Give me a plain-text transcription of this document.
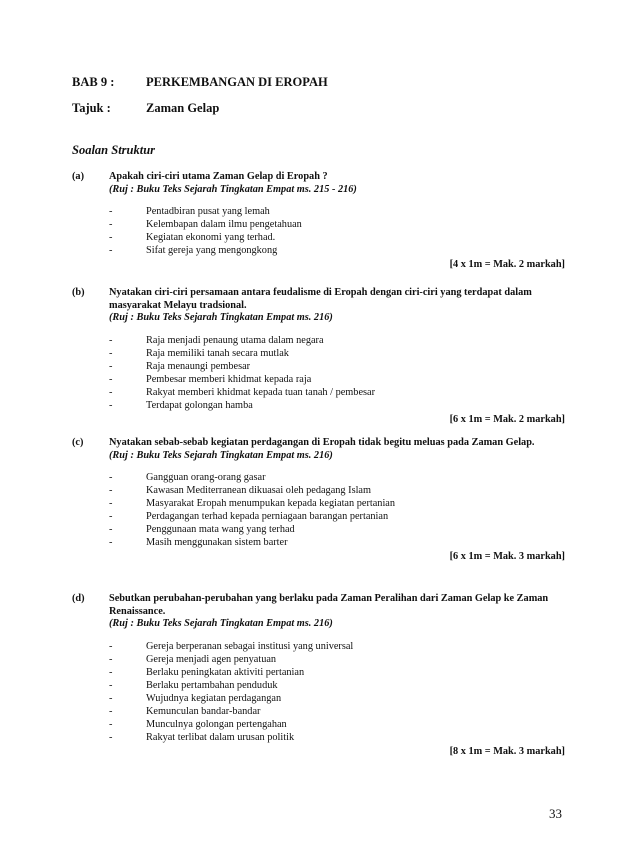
BAB 9 :	PERKEMBANGAN DI EROPAH
Tajuk :	Zaman Gelap
Soalan Struktur
(a)	Apakah ciri-ciri utama Zaman Gelap di Eropah ?
(Ruj : Buku Teks Sejarah Tingkatan Empat ms. 215 - 216)
-	Pentadbiran pusat yang lemah
-	Kelembapan dalam ilmu pengetahuan
-	Kegiatan ekonomi yang terhad.
-	Sifat gereja yang mengongkong
[4 x 1m = Mak. 2 markah]
(b)	Nyatakan ciri-ciri persamaan antara feudalisme di Eropah dengan ciri-ciri yang terdapat dalam masyarakat Melayu tradsional.
(Ruj : Buku Teks Sejarah Tingkatan Empat ms. 216)
-	Raja menjadi penaung utama dalam negara
-	Raja memiliki tanah secara mutlak
-	Raja menaungi pembesar
-	Pembesar memberi khidmat kepada raja
-	Rakyat memberi khidmat kepada tuan tanah / pembesar
-	Terdapat golongan hamba
[6 x 1m = Mak. 2 markah]
(c)	Nyatakan sebab-sebab kegiatan perdagangan di Eropah tidak begitu meluas pada Zaman Gelap.
(Ruj : Buku Teks Sejarah Tingkatan Empat ms. 216)
-	Gangguan orang-orang gasar
-	Kawasan Mediterranean dikuasai oleh pedagang Islam
-	Masyarakat Eropah menumpukan kepada kegiatan pertanian
-	Perdagangan terhad kepada perniagaan barangan pertanian
-	Penggunaan mata wang yang terhad
-	Masih menggunakan sistem barter
[6 x 1m = Mak. 3 markah]
(d)	Sebutkan perubahan-perubahan yang berlaku pada Zaman Peralihan dari Zaman Gelap ke Zaman Renaissance.
(Ruj : Buku Teks Sejarah Tingkatan Empat ms. 216)
-	Gereja berperanan sebagai institusi yang universal
-	Gereja menjadi agen penyatuan
-	Berlaku peningkatan aktiviti pertanian
-	Berlaku pertambahan penduduk
-	Wujudnya kegiatan perdagangan
-	Kemunculan bandar-bandar
-	Munculnya golongan pertengahan
-	Rakyat terlibat dalam urusan politik
[8 x 1m = Mak. 3 markah]
33
